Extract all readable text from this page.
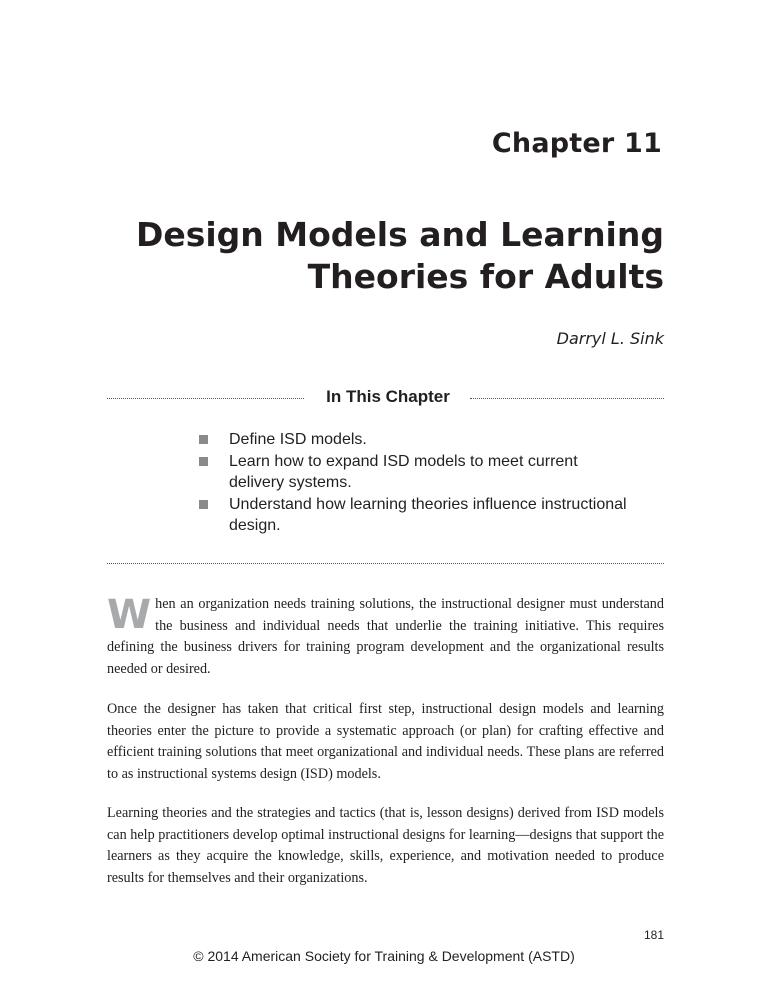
Chapter 11
Design Models and Learning
Theories for Adults
Darryl L. Sink
In This Chapter
Define ISD models.
Learn how to expand ISD models to meet current delivery systems.
Understand how learning theories influence instructional design.
W hen an organization needs training solutions, the instructional designer must understand the business and individual needs that underlie the training initiative. This requires defining the business drivers for training program development and the organizational results needed or desired.
Once the designer has taken that critical first step, instructional design models and learning theories enter the picture to provide a systematic approach (or plan) for crafting effective and efficient training solutions that meet organizational and individual needs. These plans are referred to as instructional systems design (ISD) models.
Learning theories and the strategies and tactics (that is, lesson designs) derived from ISD models can help practitioners develop optimal instructional designs for learning—designs that support the learners as they acquire the knowledge, skills, experience, and motivation needed to produce results for themselves and their organizations.
181
© 2014 American Society for Training & Development (ASTD)
